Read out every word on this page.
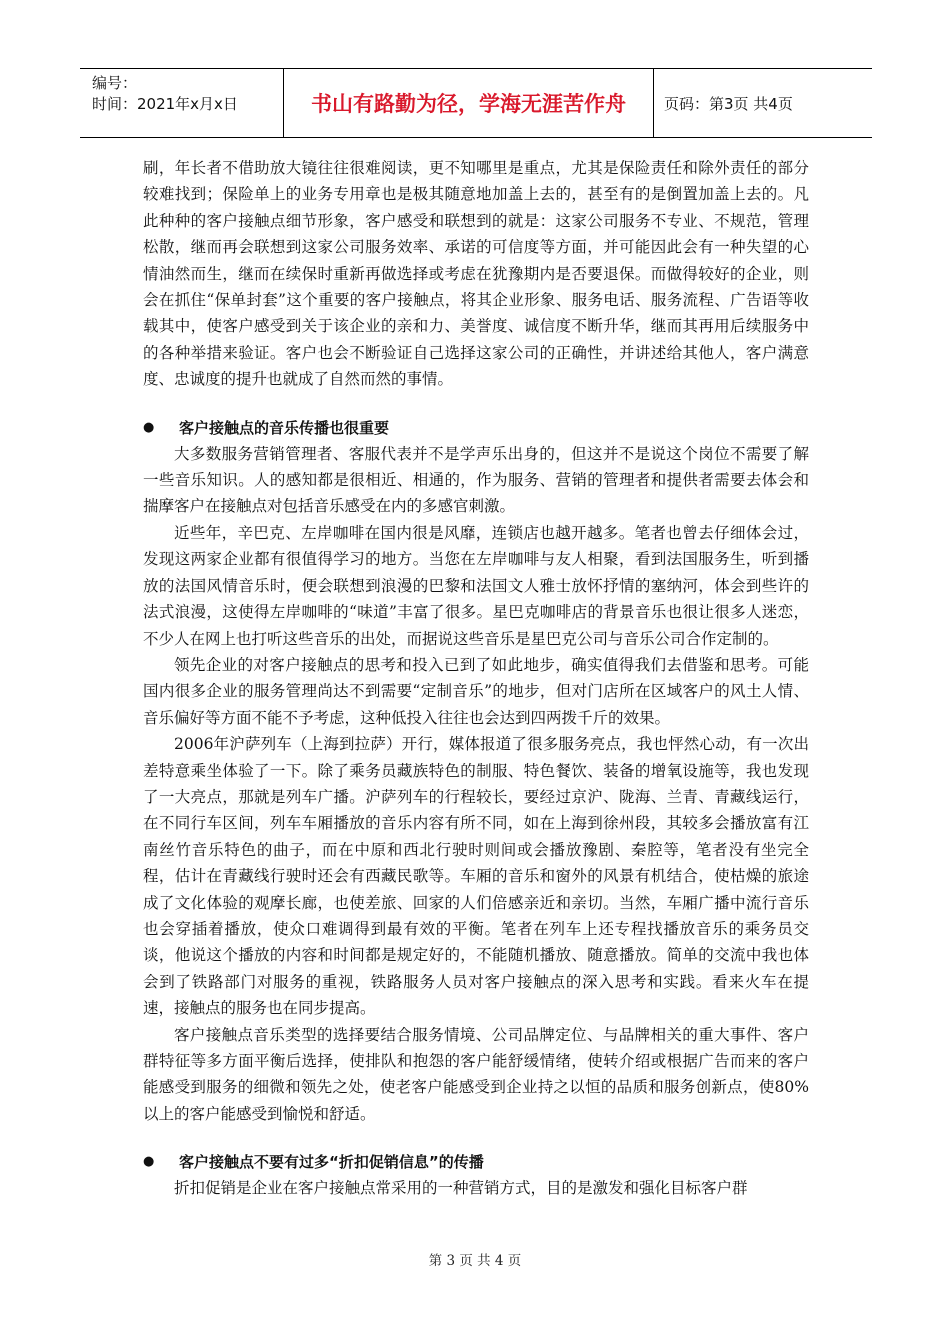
编号：
时间：2021年x月x日	书山有路勤为径，学海无涯苦作舟	页码：第3页 共4页

刷，年长者不借助放大镜往往很难阅读，更不知哪里是重点，尤其是保险责任和除外责任的部分较难找到；保险单上的业务专用章也是极其随意地加盖上去的，甚至有的是倒置加盖上去的。凡此种种的客户接触点细节形象，客户感受和联想到的就是：这家公司服务不专业、不规范，管理松散，继而再会联想到这家公司服务效率、承诺的可信度等方面，并可能因此会有一种失望的心情油然而生，继而在续保时重新再做选择或考虑在犹豫期内是否要退保。而做得较好的企业，则会在抓住“保单封套”这个重要的客户接触点，将其企业形象、服务电话、服务流程、广告语等收载其中，使客户感受到关于该企业的亲和力、美誉度、诚信度不断升华，继而其再用后续服务中的各种举措来验证。客户也会不断验证自己选择这家公司的正确性，并讲述给其他人，客户满意度、忠诚度的提升也就成了自然而然的事情。

● 客户接触点的音乐传播也很重要

大多数服务营销管理者、客服代表并不是学声乐出身的，但这并不是说这个岗位不需要了解一些音乐知识。人的感知都是很相近、相通的，作为服务、营销的管理者和提供者需要去体会和揣摩客户在接触点对包括音乐感受在内的多感官刺激。

近些年，辛巴克、左岸咖啡在国内很是风靡，连锁店也越开越多。笔者也曾去仔细体会过，发现这两家企业都有很值得学习的地方。当您在左岸咖啡与友人相聚，看到法国服务生，听到播放的法国风情音乐时，便会联想到浪漫的巴黎和法国文人雅士放怀抒情的塞纳河，体会到些许的法式浪漫，这使得左岸咖啡的“味道”丰富了很多。星巴克咖啡店的背景音乐也很让很多人迷恋，不少人在网上也打听这些音乐的出处，而据说这些音乐是星巴克公司与音乐公司合作定制的。

领先企业的对客户接触点的思考和投入已到了如此地步，确实值得我们去借鉴和思考。可能国内很多企业的服务管理尚达不到需要“定制音乐”的地步，但对门店所在区域客户的风土人情、音乐偏好等方面不能不予考虑，这种低投入往往也会达到四两拨千斤的效果。

2006年沪萨列车（上海到拉萨）开行，媒体报道了很多服务亮点，我也怦然心动，有一次出差特意乘坐体验了一下。除了乘务员藏族特色的制服、特色餐饮、装备的增氧设施等，我也发现了一大亮点，那就是列车广播。沪萨列车的行程较长，要经过京沪、陇海、兰青、青藏线运行，在不同行车区间，列车车厢播放的音乐内容有所不同，如在上海到徐州段，其较多会播放富有江南丝竹音乐特色的曲子，而在中原和西北行驶时则间或会播放豫剧、秦腔等，笔者没有坐完全程，估计在青藏线行驶时还会有西藏民歌等。车厢的音乐和窗外的风景有机结合，使枯燥的旅途成了文化体验的观摩长廊，也使差旅、回家的人们倍感亲近和亲切。当然，车厢广播中流行音乐也会穿插着播放，使众口难调得到最有效的平衡。笔者在列车上还专程找播放音乐的乘务员交谈，他说这个播放的内容和时间都是规定好的，不能随机播放、随意播放。简单的交流中我也体会到了铁路部门对服务的重视，铁路服务人员对客户接触点的深入思考和实践。看来火车在提速，接触点的服务也在同步提高。

客户接触点音乐类型的选择要结合服务情境、公司品牌定位、与品牌相关的重大事件、客户群特征等多方面平衡后选择，使排队和抱怨的客户能舒缓情绪，使转介绍或根据广告而来的客户能感受到服务的细微和领先之处，使老客户能感受到企业持之以恒的品质和服务创新点，使80%以上的客户能感受到愉悦和舒适。

● 客户接触点不要有过多“折扣促销信息”的传播

折扣促销是企业在客户接触点常采用的一种营销方式，目的是激发和强化目标客户群

第 3 页 共 4 页
